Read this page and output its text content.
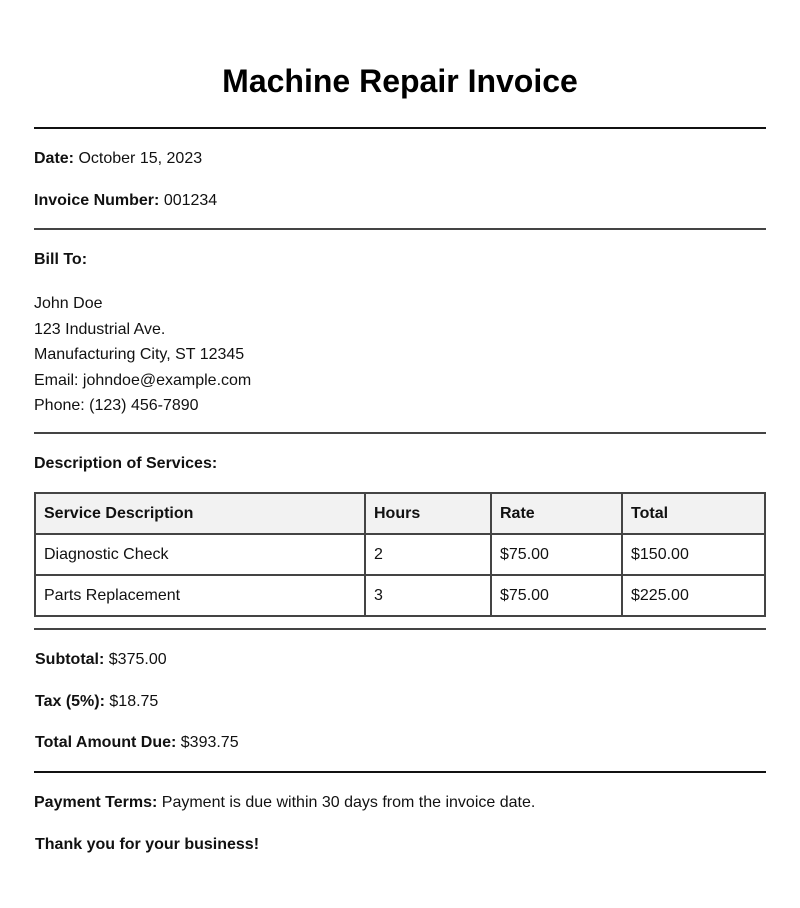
Machine Repair Invoice
Date: October 15, 2023
Invoice Number: 001234
Bill To:
John Doe
123 Industrial Ave.
Manufacturing City, ST 12345
Email: johndoe@example.com
Phone: (123) 456-7890
Description of Services:
Service Description	Hours	Rate	Total
Diagnostic Check	2	$75.00	$150.00
Parts Replacement	3	$75.00	$225.00
Subtotal: $375.00
Tax (5%): $18.75
Total Amount Due: $393.75
Payment Terms: Payment is due within 30 days from the invoice date.
Thank you for your business!
